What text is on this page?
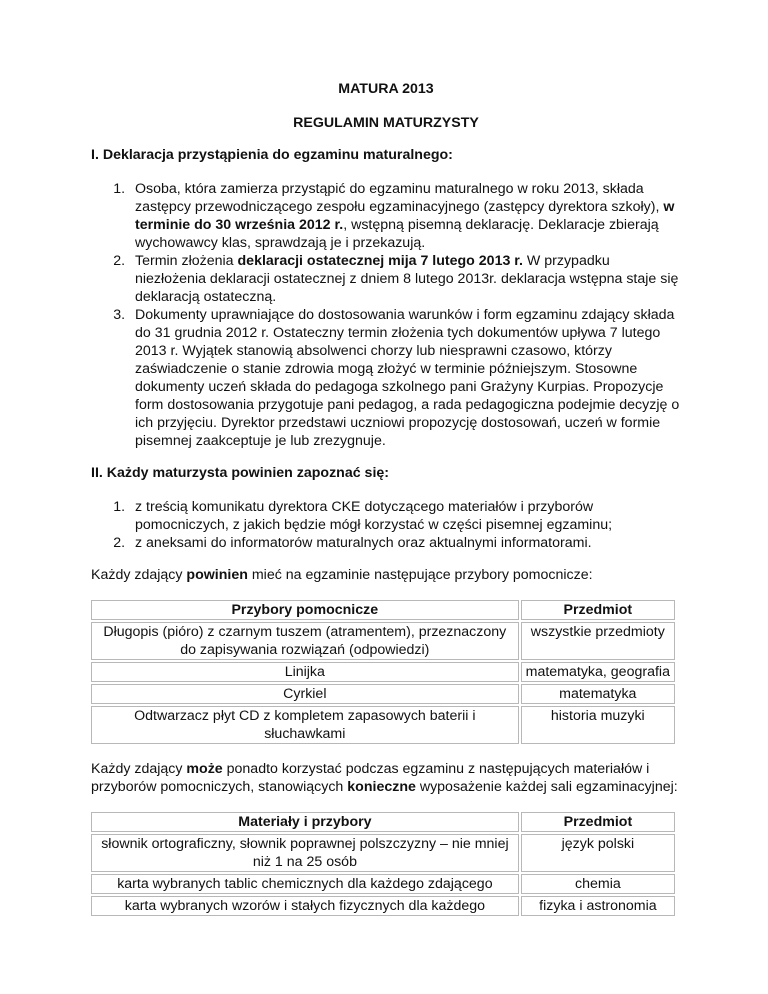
MATURA 2013
REGULAMIN MATURZYSTY
I. Deklaracja przystąpienia do egzaminu maturalnego:
1. Osoba, która zamierza przystąpić do egzaminu maturalnego w roku 2013, składa zastępcy przewodniczącego zespołu egzaminacyjnego (zastępcy dyrektora szkoły), w terminie do 30 września 2012 r., wstępną pisemną deklarację. Deklaracje zbierają wychowawcy klas, sprawdzają je i przekazują.
2. Termin złożenia deklaracji ostatecznej mija 7 lutego 2013 r. W przypadku niezłożenia deklaracji ostatecznej z dniem 8 lutego 2013r. deklaracja wstępna staje się deklaracją ostateczną.
3. Dokumenty uprawniające do dostosowania warunków i form egzaminu zdający składa do 31 grudnia 2012 r. Ostateczny termin złożenia tych dokumentów upływa 7 lutego 2013 r. Wyjątek stanowią absolwenci chorzy lub niesprawni czasowo, którzy zaświadczenie o stanie zdrowia mogą złożyć w terminie późniejszym. Stosowne dokumenty uczeń składa do pedagoga szkolnego pani Grażyny Kurpias. Propozycje form dostosowania przygotuje pani pedagog, a rada pedagogiczna podejmie decyzję o ich przyjęciu. Dyrektor przedstawi uczniowi propozycję dostosowań, uczeń w formie pisemnej zaakceptuje je lub zrezygnuje.
II. Każdy maturzysta powinien zapoznać się:
1. z treścią komunikatu dyrektora CKE dotyczącego materiałów i przyborów pomocniczych, z jakich będzie mógł korzystać w części pisemnej egzaminu;
2. z aneksami do informatorów maturalnych oraz aktualnymi informatorami.

Każdy zdający powinien mieć na egzaminie następujące przybory pomocnicze:

Przybory pomocnicze	Przedmiot
Długopis (pióro) z czarnym tuszem (atramentem), przeznaczony do zapisywania rozwiązań (odpowiedzi)	wszystkie przedmioty
Linijka	matematyka, geografia
Cyrkiel	matematyka
Odtwarzacz płyt CD z kompletem zapasowych baterii i słuchawkami	historia muzyki

Każdy zdający może ponadto korzystać podczas egzaminu z następujących materiałów i przyborów pomocniczych, stanowiących konieczne wyposażenie każdej sali egzaminacyjnej:

Materiały i przybory	Przedmiot
słownik ortograficzny, słownik poprawnej polszczyzny – nie mniej niż 1 na 25 osób	język polski
karta wybranych tablic chemicznych dla każdego zdającego	chemia
karta wybranych wzorów i stałych fizycznych dla każdego	fizyka i astronomia
